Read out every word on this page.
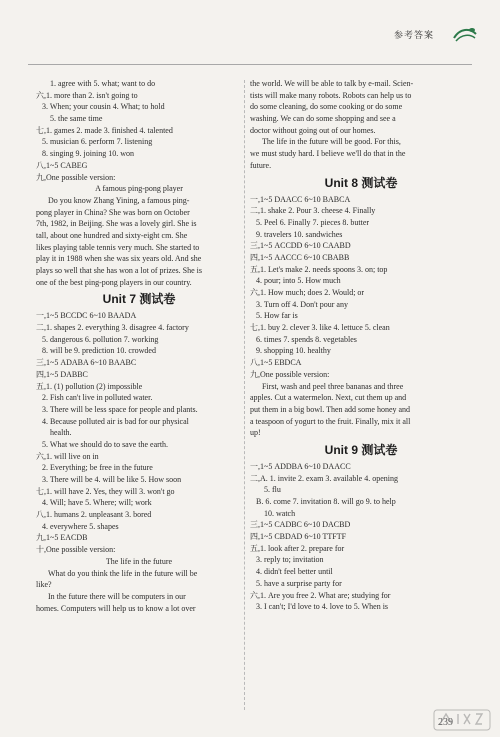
参考答案
1. agree with 5. what; want to do
六,1. more than 2. isn't going to
3. When; your cousin 4. What; to hold
5. the same time
七,1. games 2. made 3. finished 4. talented
5. musician 6. perform 7. listening
8. singing 9. joining 10. won
八,1~5 CABEG
九,One possible version:
A famous ping-pong player
Do you know Zhang Yining, a famous ping-
pong player in China? She was born on October
7th, 1982, in Beijing. She was a lovely girl. She is
tall, about one hundred and sixty-eight cm. She
likes playing table tennis very much. She started to
play it in 1988 when she was six years old. And she
plays so well that she has won a lot of prizes. She is
one of the best ping-pong players in our country.
Unit 7 测试卷
一,1~5 BCCDC 6~10 BAADA
二,1. shapes 2. everything 3. disagree 4. factory
5. dangerous 6. pollution 7. working
8. will be 9. prediction 10. crowded
三,1~5 ADABA 6~10 BAABC
四,1~5 DABBC
五,1. (1) pollution (2) impossible
2. Fish can't live in polluted water.
3. There will be less space for people and plants.
4. Because polluted air is bad for our physical
health.
5. What we should do to save the earth.
六,1. will live on in
2. Everything; be free in the future
3. There will be 4. will be like 5. How soon
七,1. will have 2. Yes, they will 3. won't go
4. Will; have 5. Where; will; work
八,1. humans 2. unpleasant 3. bored
4. everywhere 5. shapes
九,1~5 EACDB
十,One possible version:
The life in the future
What do you think the life in the future will be
like?
In the future there will be computers in our
homes. Computers will help us to know a lot over
the world. We will be able to talk by e-mail. Scien-
tists will make many robots. Robots can help us to
do some cleaning, do some cooking or do some
washing. We can do some shopping and see a
doctor without going out of our homes.
The life in the future will be good. For this,
we must study hard. I believe we'll do that in the
future.
Unit 8 测试卷
一,1~5 DAACC 6~10 BABCA
二,1. shake 2. Pour 3. cheese 4. Finally
5. Peel 6. Finally 7. pieces 8. butter
9. travelers 10. sandwiches
三,1~5 ACCDD 6~10 CAABD
四,1~5 AACCC 6~10 CBABB
五,1. Let's make 2. needs spoons 3. on; top
4. pour; into 5. How much
六,1. How much; does 2. Would; or
3. Turn off 4. Don't pour any
5. How far is
七,1. buy 2. clever 3. like 4. lettuce 5. clean
6. times 7. spends 8. vegetables
9. shopping 10. healthy
八,1~5 EBDCA
九,One possible version:
First, wash and peel three bananas and three
apples. Cut a watermelon. Next, cut them up and
put them in a big bowl. Then add some honey and
a teaspoon of yogurt to the fruit. Finally, mix it all
up!
Unit 9 测试卷
一,1~5 ADDBA 6~10 DAACC
二,A. 1. invite 2. exam 3. available 4. opening
5. flu
B. 6. come 7. invitation 8. will go 9. to help
10. watch
三,1~5 CADBC 6~10 DACBD
四,1~5 CBDAD 6~10 TTFTF
五,1. look after 2. prepare for
3. reply to; invitation
4. didn't feel better until
5. have a surprise party for
六,1. Are you free 2. What are; studying for
3. I can't; I'd love to 4. love to 5. When is
239
